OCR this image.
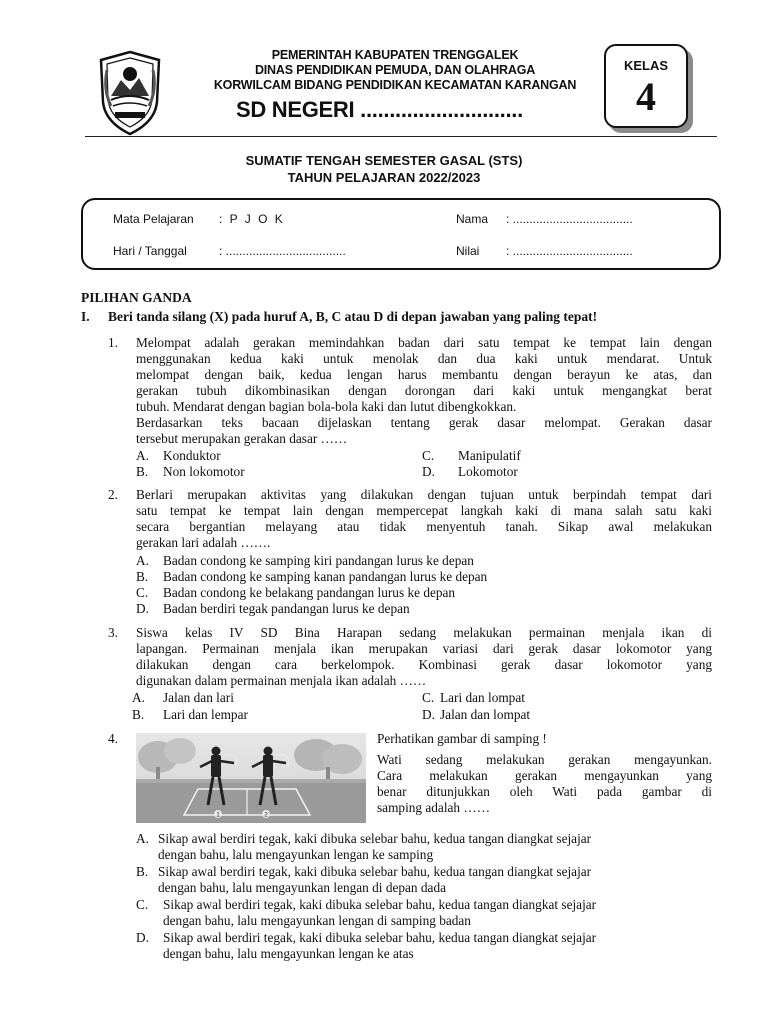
PEMERINTAH KABUPATEN TRENGGALEK
DINAS PENDIDIKAN PEMUDA, DAN OLAHRAGA
KORWILCAM BIDANG PENDIDIKAN KECAMATAN KARANGAN
SD NEGERI ............................
KELAS
4
SUMATIF TENGAH SEMESTER GASAL (STS)
TAHUN PELAJARAN 2022/2023
Mata Pelajaran : P J O K
Hari / Tanggal	: ....................................
Nama : ....................................
Nilai : ....................................
PILIHAN GANDA
I. Beri tanda silang (X) pada huruf A, B, C atau D di depan jawaban yang paling tepat!
1. Melompat adalah gerakan memindahkan badan dari satu tempat ke tempat lain dengan
menggunakan kedua kaki untuk menolak dan dua kaki untuk mendarat. Untuk
melompat dengan baik, kedua lengan harus membantu dengan berayun ke atas, dan
gerakan tubuh dikombinasikan dengan dorongan dari kaki untuk mengangkat berat
tubuh. Mendarat dengan bagian bola-bola kaki dan lutut dibengkokkan.
Berdasarkan teks bacaan dijelaskan tentang gerak dasar melompat. Gerakan dasar
tersebut merupakan gerakan dasar ……
A. Konduktor	C. Manipulatif
B. Non lokomotor	D. Lokomotor
2. Berlari merupakan aktivitas yang dilakukan dengan tujuan untuk berpindah tempat dari
satu tempat ke tempat lain dengan mempercepat langkah kaki di mana salah satu kaki
secara bergantian melayang atau tidak menyentuh tanah. Sikap awal melakukan
gerakan lari adalah …….
A. Badan condong ke samping kiri pandangan lurus ke depan
B. Badan condong ke samping kanan pandangan lurus ke depan
C. Badan condong ke belakang pandangan lurus ke depan
D. Badan berdiri tegak pandangan lurus ke depan
3. Siswa kelas IV SD Bina Harapan sedang melakukan permainan menjala ikan di
lapangan. Permainan menjala ikan merupakan variasi dari gerak dasar lokomotor yang
dilakukan dengan cara berkelompok. Kombinasi gerak dasar lokomotor yang
digunakan dalam permainan menjala ikan adalah ……
A. Jalan dan lari	C. Lari dan lompat
B. Lari dan lempar	D. Jalan dan lompat
4.
1	2
Perhatikan gambar di samping !
Wati sedang melakukan gerakan mengayunkan.
Cara melakukan gerakan mengayunkan yang
benar ditunjukkan oleh Wati pada gambar di
samping adalah ……
A. Sikap awal berdiri tegak, kaki dibuka selebar bahu, kedua tangan diangkat sejajar
dengan bahu, lalu mengayunkan lengan ke samping
B. Sikap awal berdiri tegak, kaki dibuka selebar bahu, kedua tangan diangkat sejajar
dengan bahu, lalu mengayunkan lengan di depan dada
C. Sikap awal berdiri tegak, kaki dibuka selebar bahu, kedua tangan diangkat sejajar
dengan bahu, lalu mengayunkan lengan di samping badan
D. Sikap awal berdiri tegak, kaki dibuka selebar bahu, kedua tangan diangkat sejajar
dengan bahu, lalu mengayunkan lengan ke atas
